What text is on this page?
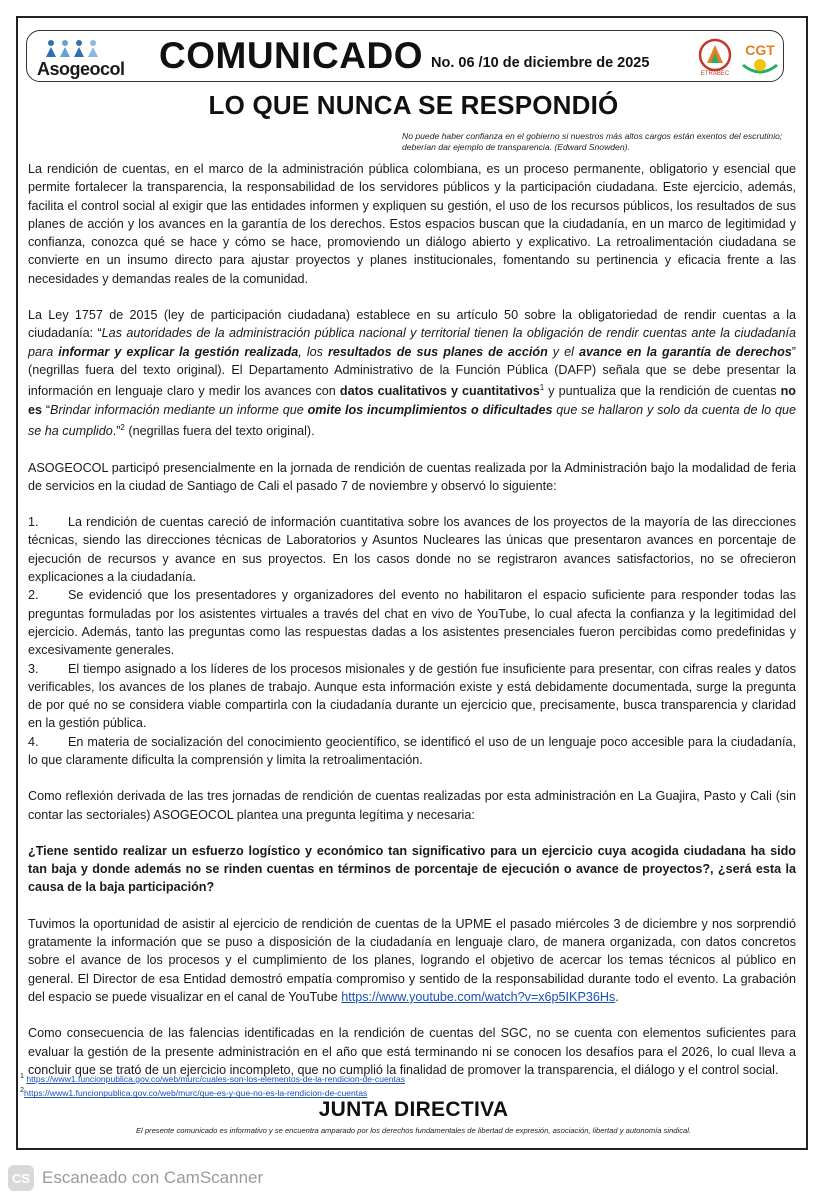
Asogeocol COMUNICADO No. 06 /10 de diciembre de 2025
ETRABEC
CGT
LO QUE NUNCA SE RESPONDIÓ
No puede haber confianza en el gobierno si nuestros más altos cargos están exentos del escrutinio; deberían dar ejemplo de transparencia. (Edward Snowden).

La rendición de cuentas, en el marco de la administración pública colombiana, es un proceso permanente, obligatorio y esencial que permite fortalecer la transparencia, la responsabilidad de los servidores públicos y la participación ciudadana. Este ejercicio, además, facilita el control social al exigir que las entidades informen y expliquen su gestión, el uso de los recursos públicos, los resultados de sus planes de acción y los avances en la garantía de los derechos. Estos espacios buscan que la ciudadanía, en un marco de legitimidad y confianza, conozca qué se hace y cómo se hace, promoviendo un diálogo abierto y explicativo. La retroalimentación ciudadana se convierte en un insumo directo para ajustar proyectos y planes institucionales, fomentando su pertinencia y eficacia frente a las necesidades y demandas reales de la comunidad.

La Ley 1757 de 2015 (ley de participación ciudadana) establece en su artículo 50 sobre la obligatoriedad de rendir cuentas a la ciudadanía: “Las autoridades de la administración pública nacional y territorial tienen la obligación de rendir cuentas ante la ciudadanía para informar y explicar la gestión realizada, los resultados de sus planes de acción y el avance en la garantía de derechos” (negrillas fuera del texto original). El Departamento Administrativo de la Función Pública (DAFP) señala que se debe presentar la información en lenguaje claro y medir los avances con datos cualitativos y cuantitativos$^1$ y puntualiza que la rendición de cuentas no es “Brindar información mediante un informe que omite los incumplimientos o dificultades que se hallaron y solo da cuenta de lo que se ha cumplido.”$^2$ (negrillas fuera del texto original).

ASOGEOCOL participó presencialmente en la jornada de rendición de cuentas realizada por la Administración bajo la modalidad de feria de servicios en la ciudad de Santiago de Cali el pasado 7 de noviembre y observó lo siguiente:

1. La rendición de cuentas careció de información cuantitativa sobre los avances de los proyectos de la mayoría de las direcciones técnicas, siendo las direcciones técnicas de Laboratorios y Asuntos Nucleares las únicas que presentaron avances en porcentaje de ejecución de recursos y avance en sus proyectos. En los casos donde no se registraron avances satisfactorios, no se ofrecieron explicaciones a la ciudadanía.

2. Se evidenció que los presentadores y organizadores del evento no habilitaron el espacio suficiente para responder todas las preguntas formuladas por los asistentes virtuales a través del chat en vivo de YouTube, lo cual afecta la confianza y la legitimidad del ejercicio. Además, tanto las preguntas como las respuestas dadas a los asistentes presenciales fueron percibidas como predefinidas y excesivamente generales.

3. El tiempo asignado a los líderes de los procesos misionales y de gestión fue insuficiente para presentar, con cifras reales y datos verificables, los avances de los planes de trabajo. Aunque esta información existe y está debidamente documentada, surge la pregunta de por qué no se considera viable compartirla con la ciudadanía durante un ejercicio que, precisamente, busca transparencia y claridad en la gestión pública.

4. En materia de socialización del conocimiento geocientífico, se identificó el uso de un lenguaje poco accesible para la ciudadanía, lo que claramente dificulta la comprensión y limita la retroalimentación.

Como reflexión derivada de las tres jornadas de rendición de cuentas realizadas por esta administración en La Guajira, Pasto y Cali (sin contar las sectoriales) ASOGEOCOL plantea una pregunta legítima y necesaria:

¿Tiene sentido realizar un esfuerzo logístico y económico tan significativo para un ejercicio cuya acogida ciudadana ha sido tan baja y donde además no se rinden cuentas en términos de porcentaje de ejecución o avance de proyectos?, ¿será esta la causa de la baja participación?

Tuvimos la oportunidad de asistir al ejercicio de rendición de cuentas de la UPME el pasado miércoles 3 de diciembre y nos sorprendió gratamente la información que se puso a disposición de la ciudadanía en lenguaje claro, de manera organizada, con datos concretos sobre el avance de los procesos y el cumplimiento de los planes, logrando el objetivo de acercar los temas técnicos al público en general. El Director de esa Entidad demostró empatía compromiso y sentido de la responsabilidad durante todo el evento. La grabación del espacio se puede visualizar en el canal de YouTube https://www.youtube.com/watch?v=x6p5IKP36Hs.

Como consecuencia de las falencias identificadas en la rendición de cuentas del SGC, no se cuenta con elementos suficientes para evaluar la gestión de la presente administración en el año que está terminando ni se conocen los desafíos para el 2026, lo cual lleva a concluir que se trató de un ejercicio incompleto, que no cumplió la finalidad de promover la transparencia, el diálogo y el control social.

$^1$ https://www1.funcionpublica.gov.co/web/murc/cuales-son-los-elementos-de-la-rendicion-de-cuentas
$^2$https://www1.funcionpublica.gov.co/web/murc/que-es-y-que-no-es-la-rendicion-de-cuentas
JUNTA DIRECTIVA
El presente comunicado es informativo y se encuentra amparado por los derechos fundamentales de libertad de expresión, asociación, libertad y autonomía sindical.
CS Escaneado con CamScanner
